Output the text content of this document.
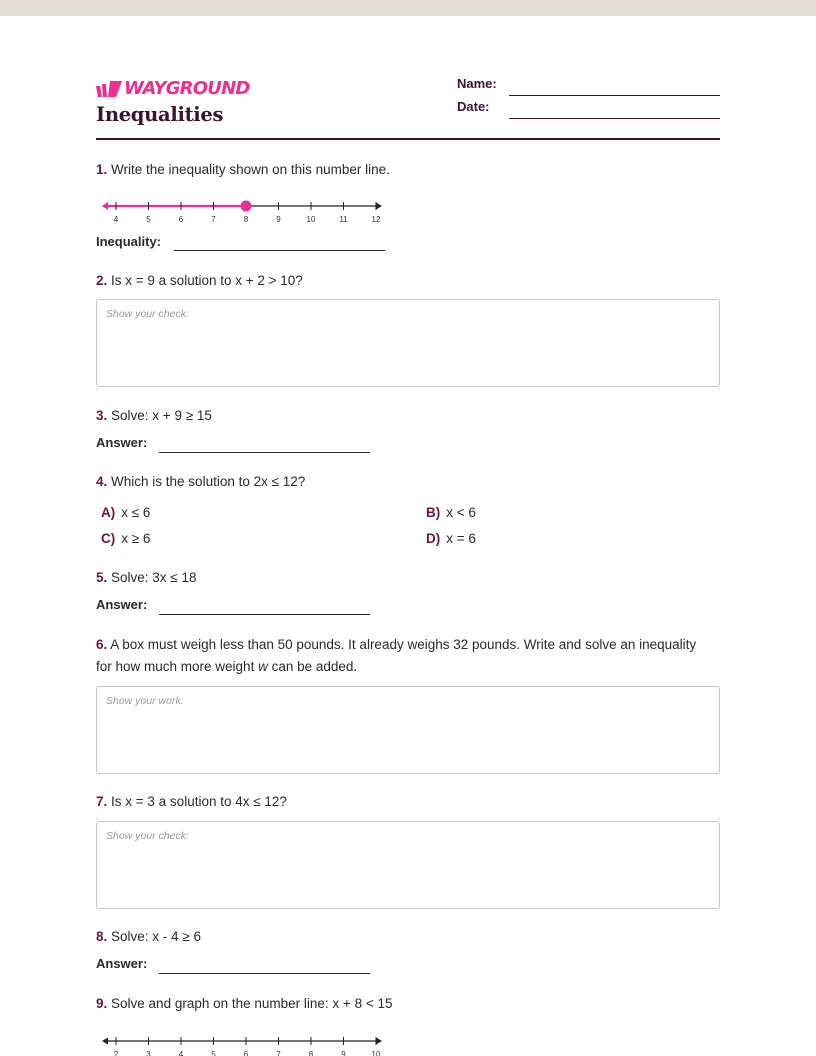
WAYGROUND
Inequalities
Name:
Date:
1. Write the inequality shown on this number line.
4	5	6	7	8	9	10	11	12
Inequality:
2. Is x = 9 a solution to x + 2 > 10?
Show your check:
3. Solve: x + 9 ≥ 15
Answer:
4. Which is the solution to 2x ≤ 12?
A) x ≤ 6	B) x < 6
C) x ≥ 6	D) x = 6
5. Solve: 3x ≤ 18
Answer:
6. A box must weigh less than 50 pounds. It already weighs 32 pounds. Write and solve an inequality for how much more weight w can be added.
Show your work:
7. Is x = 3 a solution to 4x ≤ 12?
Show your check:
8. Solve: x - 4 ≥ 6
Answer:
9. Solve and graph on the number line: x + 8 < 15
2	3	4	5	6	7	8	9	10
